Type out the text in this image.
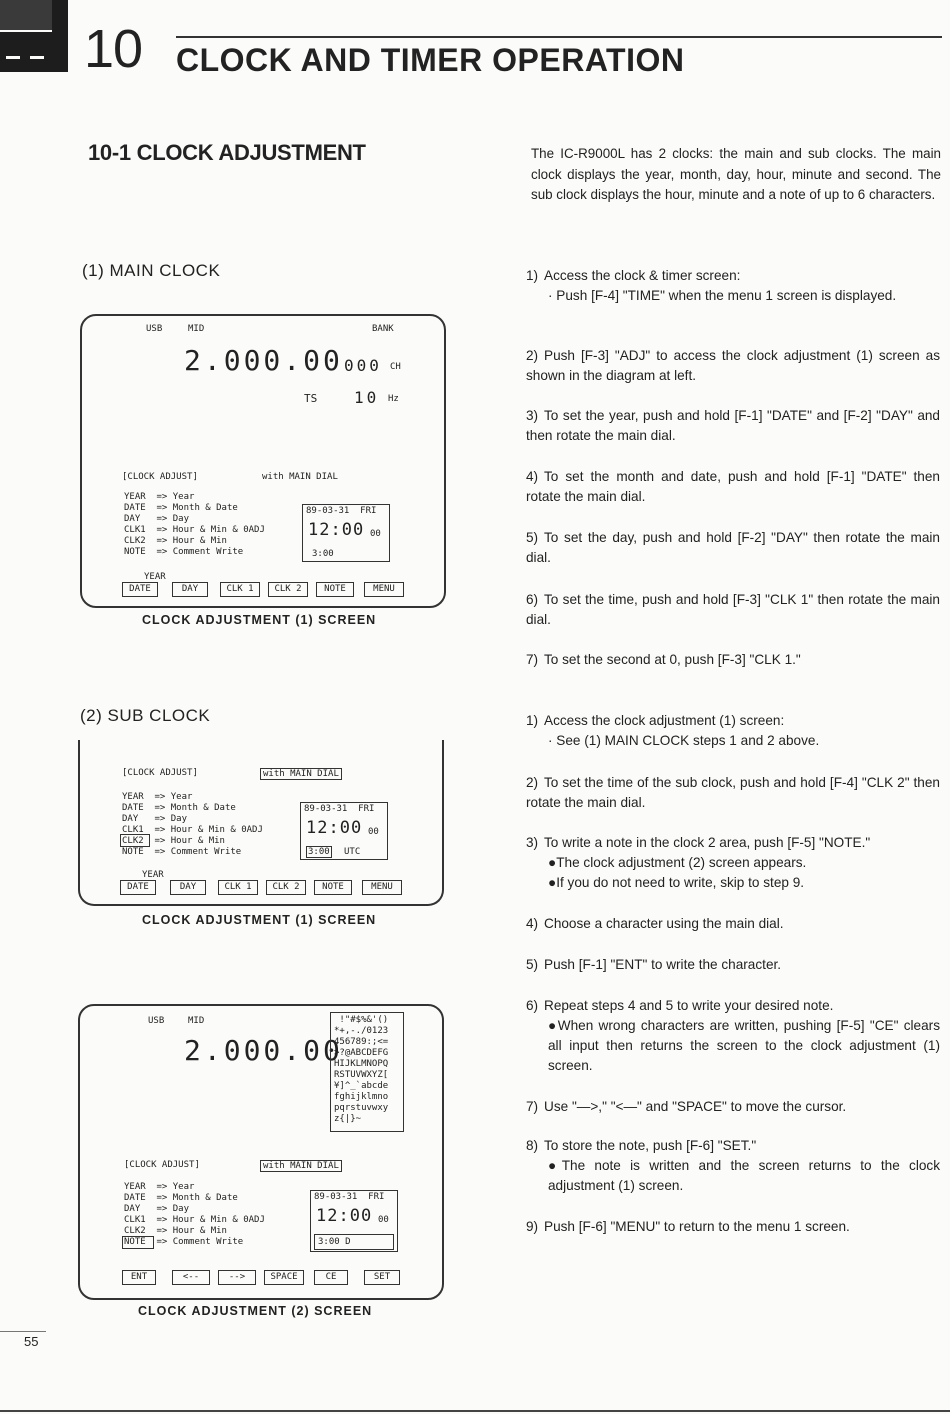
10 CLOCK AND TIMER OPERATION
10-1 CLOCK ADJUSTMENT	The IC-R9000L has 2 clocks: the main and sub clocks. The main clock displays the year, month, day, hour, minute and second. The sub clock displays the hour, minute and a note of up to 6 characters.
(1) MAIN CLOCK
(2) SUB CLOCK
1) Access the clock & timer screen:
· Push [F-4] "TIME" when the menu 1 screen is displayed.
2) Push [F-3] "ADJ" to access the clock adjustment (1) screen as shown in the diagram at left.
3) To set the year, push and hold [F-1] "DATE" and [F-2] "DAY" and then rotate the main dial.
4) To set the month and date, push and hold [F-1] "DATE" then rotate the main dial.
5) To set the day, push and hold [F-2] "DAY" then rotate the main dial.
6) To set the time, push and hold [F-3] "CLK 1" then rotate the main dial.
7) To set the second at 0, push [F-3] "CLK 1."
1) Access the clock adjustment (1) screen:
· See (1) MAIN CLOCK steps 1 and 2 above.
2) To set the time of the sub clock, push and hold [F-4] "CLK 2" then rotate the main dial.
3) To write a note in the clock 2 area, push [F-5] "NOTE."
●The clock adjustment (2) screen appears.
●If you do not need to write, skip to step 9.
4) Choose a character using the main dial.
5) Push [F-1] "ENT" to write the character.
6) Repeat steps 4 and 5 to write your desired note.
●When wrong characters are written, pushing [F-5] "CE" clears all input then returns the screen to the clock adjustment (1) screen.
7) Use "—>," "<—" and "SPACE" to move the cursor.
8) To store the note, push [F-6] "SET."
●The note is written and the screen returns to the clock adjustment (1) screen.
9) Push [F-6] "MENU" to return to the menu 1 screen.
USB	MID	BANK
2.000.00 000 CH
TS 10 Hz
[CLOCK ADJUST]	with MAIN DIAL
YEAR  => Year
DATE  => Month & Date
DAY   => Day
CLK1  => Hour & Min & 0ADJ
CLK2  => Hour & Min
NOTE  => Comment Write
89-03-31  FRI
12:00 00
3:00
YEAR
DATE	DAY	CLK 1	CLK 2	NOTE	MENU
CLOCK ADJUSTMENT (1) SCREEN
[CLOCK ADJUST]	with MAIN DIAL
YEAR  => Year
DATE  => Month & Date
DAY   => Day
CLK1  => Hour & Min & 0ADJ
CLK2  => Hour & Min
NOTE  => Comment Write
89-03-31  FRI
12:00 00
3:00 UTC
YEAR
DATE	DAY	CLK 1	CLK 2	NOTE	MENU
CLOCK ADJUSTMENT (1) SCREEN
USB	MID
2.000.00
!"#$%&'()
*+,-./0123
456789:;<=
>?@ABCDEFG
HIJKLMNOPQ
RSTUVWXYZ[
¥]^_`abcde
fghijklmno
pqrstuvwxy
z{|}~
[CLOCK ADJUST]	with MAIN DIAL
YEAR  => Year
DATE  => Month & Date
DAY   => Day
CLK1  => Hour & Min & 0ADJ
CLK2  => Hour & Min
NOTE  => Comment Write
89-03-31  FRI
12:00 00
3:00 D
ENT	<--	-->	SPACE	CE	SET
CLOCK ADJUSTMENT (2) SCREEN
55
